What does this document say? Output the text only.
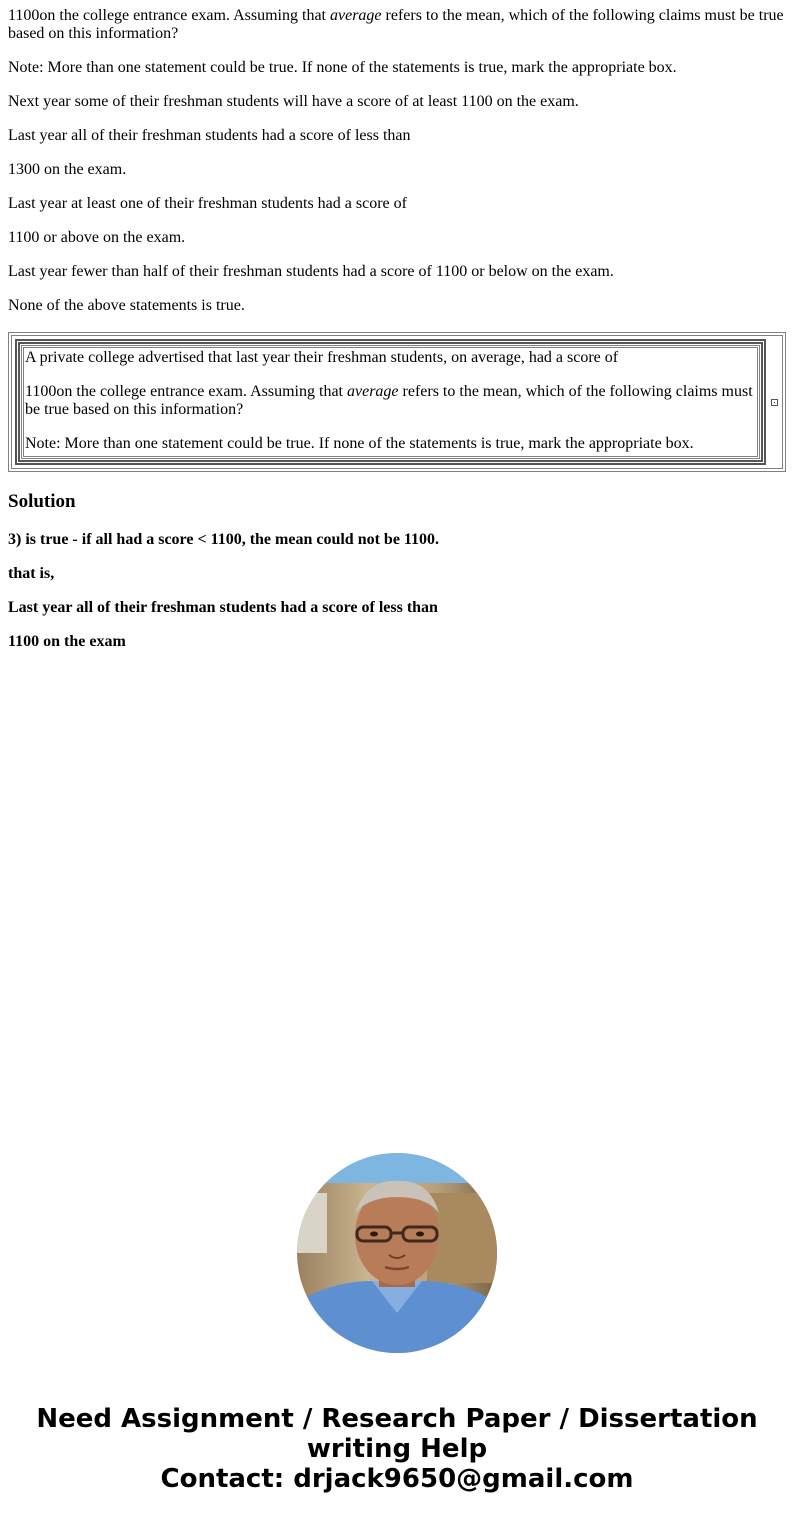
1100on the college entrance exam. Assuming that average refers to the mean, which of the following claims must be true based on this information?

Note: More than one statement could be true. If none of the statements is true, mark the appropriate box.

Next year some of their freshman students will have a score of at least 1100 on the exam.

Last year all of their freshman students had a score of less than

1300 on the exam.

Last year at least one of their freshman students had a score of

1100 or above on the exam.

Last year fewer than half of their freshman students had a score of 1100 or below on the exam.

None of the above statements is true.

A private college advertised that last year their freshman students, on average, had a score of

1100on the college entrance exam. Assuming that average refers to the mean, which of the following claims must be true based on this information?

Note: More than one statement could be true. If none of the statements is true, mark the appropriate box.

Solution

3) is true - if all had a score < 1100, the mean could not be 1100.

that is,

Last year all of their freshman students had a score of less than

1100 on the exam

Need Assignment / Research Paper / Dissertation
writing Help
Contact: drjack9650@gmail.com
